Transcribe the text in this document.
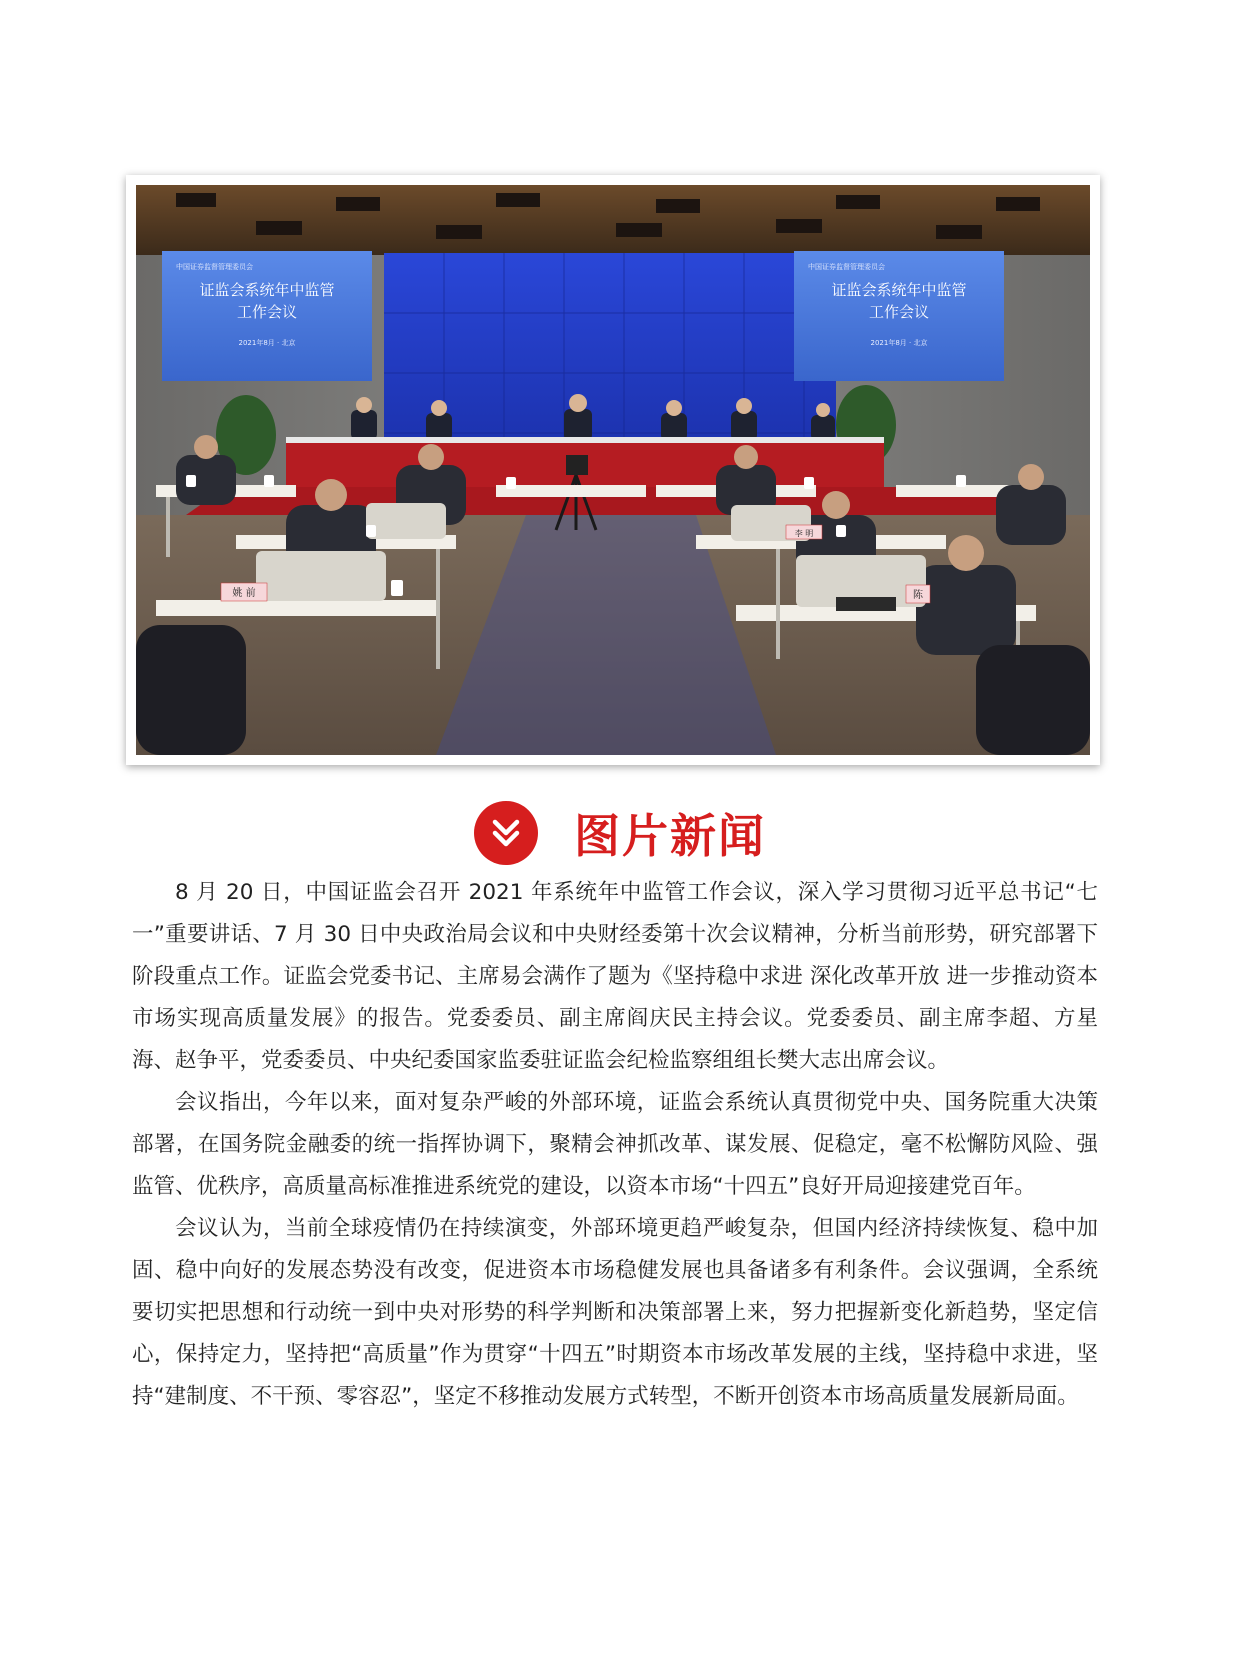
中国证券监督管理委员会
证监会系统年中监管
工作会议
2021年8月 · 北京
中国证券监督管理委员会
证监会系统年中监管
工作会议
2021年8月 · 北京
姚 前
李 明
陈
图片新闻

8 月 20 日，中国证监会召开 2021 年系统年中监管工作会议，深入学习贯彻习近平总书记“七一”重要讲话、7 月 30 日中央政治局会议和中央财经委第十次会议精神，分析当前形势，研究部署下阶段重点工作。证监会党委书记、主席易会满作了题为《坚持稳中求进 深化改革开放 进一步推动资本市场实现高质量发展》的报告。党委委员、副主席阎庆民主持会议。党委委员、副主席李超、方星海、赵争平，党委委员、中央纪委国家监委驻证监会纪检监察组组长樊大志出席会议。

会议指出，今年以来，面对复杂严峻的外部环境，证监会系统认真贯彻党中央、国务院重大决策部署，在国务院金融委的统一指挥协调下，聚精会神抓改革、谋发展、促稳定，毫不松懈防风险、强监管、优秩序，高质量高标准推进系统党的建设，以资本市场“十四五”良好开局迎接建党百年。

会议认为，当前全球疫情仍在持续演变，外部环境更趋严峻复杂，但国内经济持续恢复、稳中加固、稳中向好的发展态势没有改变，促进资本市场稳健发展也具备诸多有利条件。会议强调，全系统要切实把思想和行动统一到中央对形势的科学判断和决策部署上来，努力把握新变化新趋势，坚定信心，保持定力，坚持把“高质量”作为贯穿“十四五”时期资本市场改革发展的主线，坚持稳中求进，坚持“建制度、不干预、零容忍”，坚定不移推动发展方式转型，不断开创资本市场高质量发展新局面。
